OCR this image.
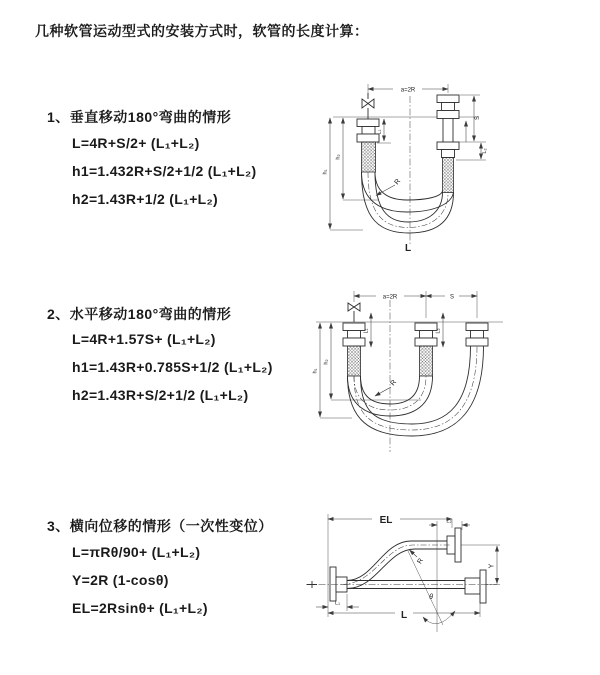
几种软管运动型式的安装方式时，软管的长度计算：
1、垂直移动180°弯曲的情形
L=4R+S/2+ (L₁+L₂)
h1=1.432R+S/2+1/2 (L₁+L₂)
h2=1.43R+1/2 (L₁+L₂)
2、水平移动180°弯曲的情形
L=4R+1.57S+ (L₁+L₂)
h1=1.43R+0.785S+1/2 (L₁+L₂)
h2=1.43R+S/2+1/2 (L₁+L₂)
3、横向位移的情形（一次性变位）
L=πRθ/90+ (L₁+L₂)
Y=2R (1-cosθ)
EL=2Rsinθ+ (L₁+L₂)
a=2R
L₁
S
L₂
h₁
h₂
R
L
a=2R	S
L₁	L₂
h₁
h₂
R
EL	L₂
Y
R
θ
L
L₁
